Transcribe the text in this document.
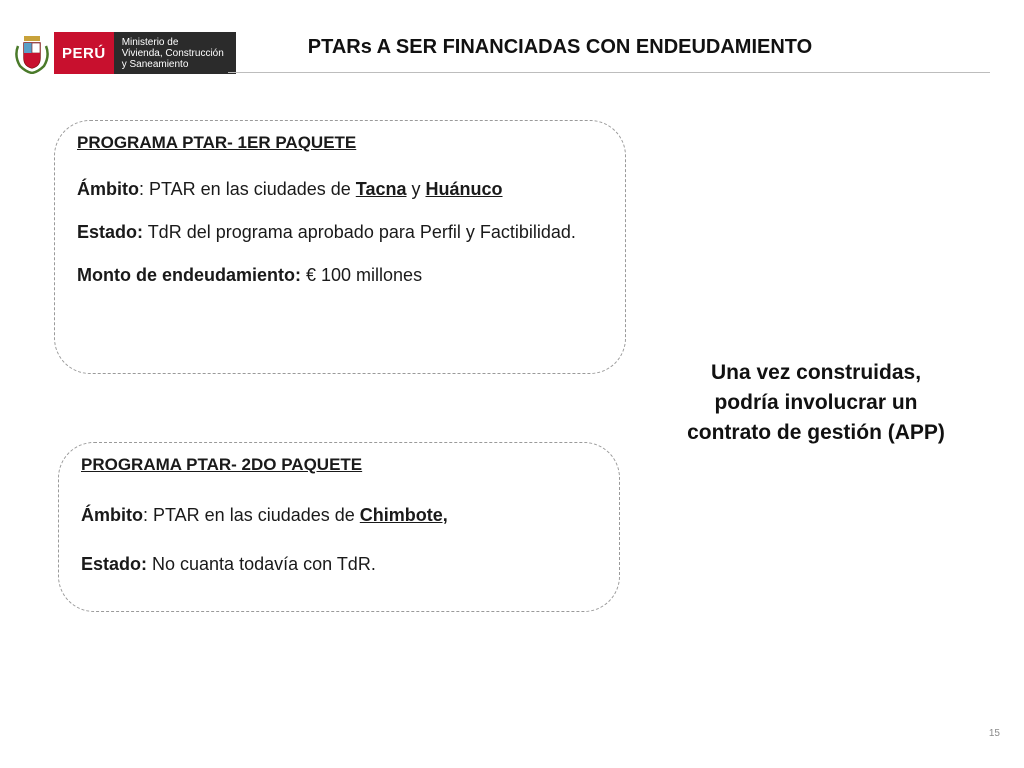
PERÚ
Ministerio de
Vivienda, Construcción
y Saneamiento
PTARs A SER FINANCIADAS CON ENDEUDAMIENTO

PROGRAMA PTAR- 1ER PAQUETE

Ámbito: PTAR en las ciudades de Tacna y Huánuco

Estado: TdR del programa aprobado para Perfil y Factibilidad.

Monto de endeudamiento: € 100 millones

PROGRAMA PTAR- 2DO PAQUETE

Ámbito: PTAR en las ciudades de Chimbote,

Estado: No cuanta todavía con TdR.

Una vez construidas,
podría involucrar un
contrato de gestión (APP)
15
